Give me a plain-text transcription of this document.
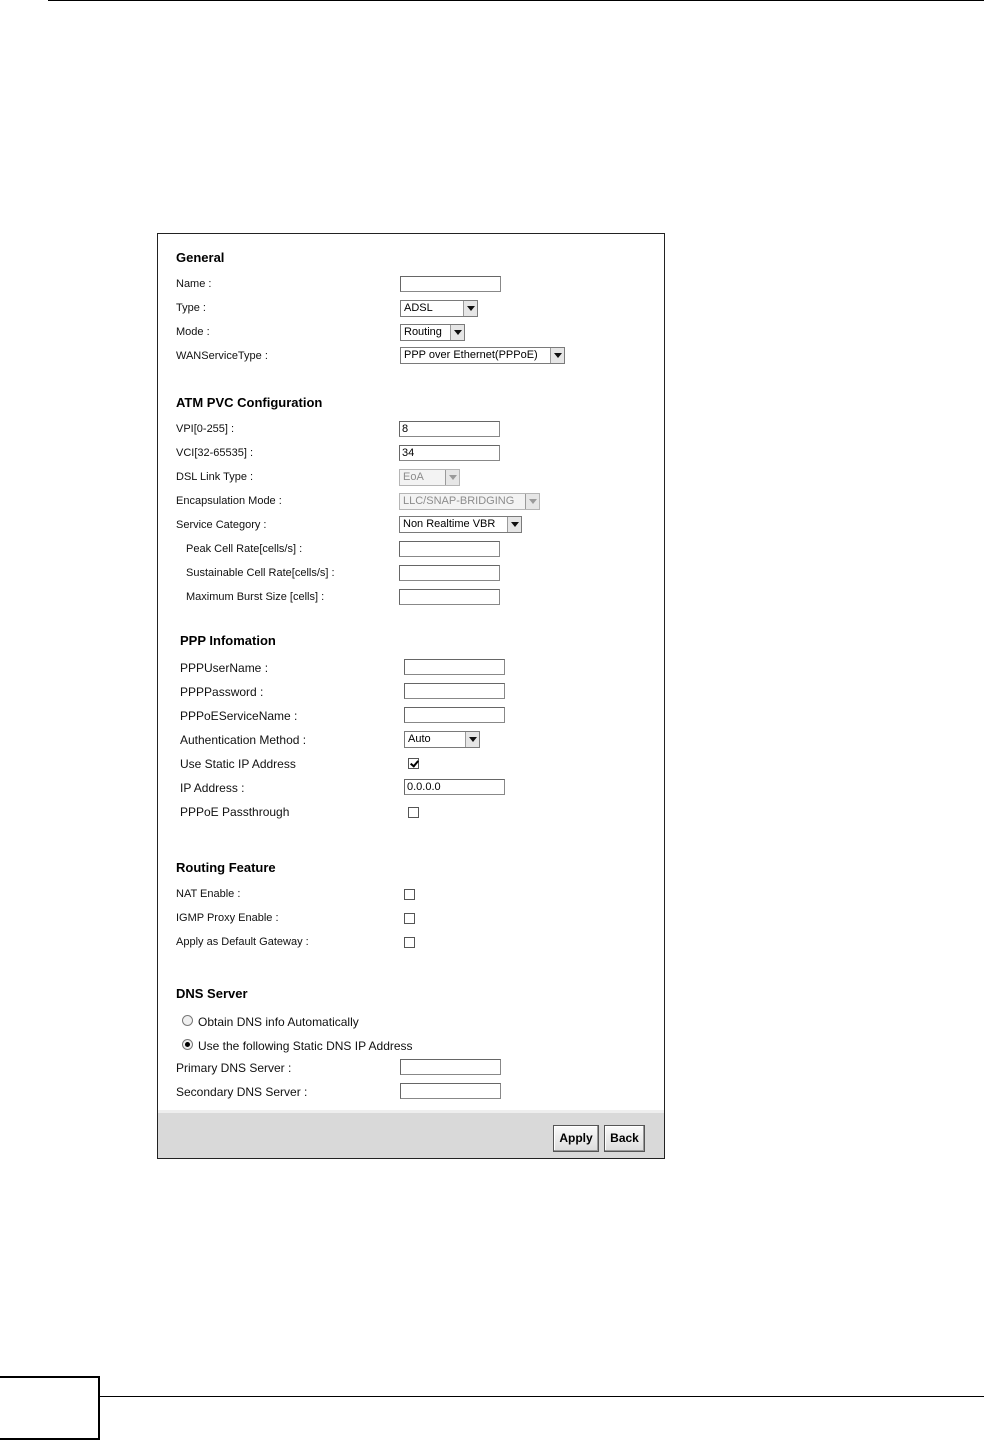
General
Name :
Type :	ADSL
Mode :	Routing
WANServiceType :	PPP over Ethernet(PPPoE)
ATM PVC Configuration
VPI[0-255] :
8
VCI[32-65535] :
34
DSL Link Type :	EoA
Encapsulation Mode :	LLC/SNAP-BRIDGING
Service Category :	Non Realtime VBR
Peak Cell Rate[cells/s] :
Sustainable Cell Rate[cells/s] :
Maximum Burst Size [cells] :
PPP Infomation
PPPUserName :
PPPPassword :
PPPoEServiceName :
Authentication Method :	Auto
Use Static IP Address
IP Address :
0.0.0.0
PPPoE Passthrough
Routing Feature
NAT Enable :
IGMP Proxy Enable :
Apply as Default Gateway :
DNS Server
Obtain DNS info Automatically
Use the following Static DNS IP Address
Primary DNS Server :
Secondary DNS Server :
Apply	Back
